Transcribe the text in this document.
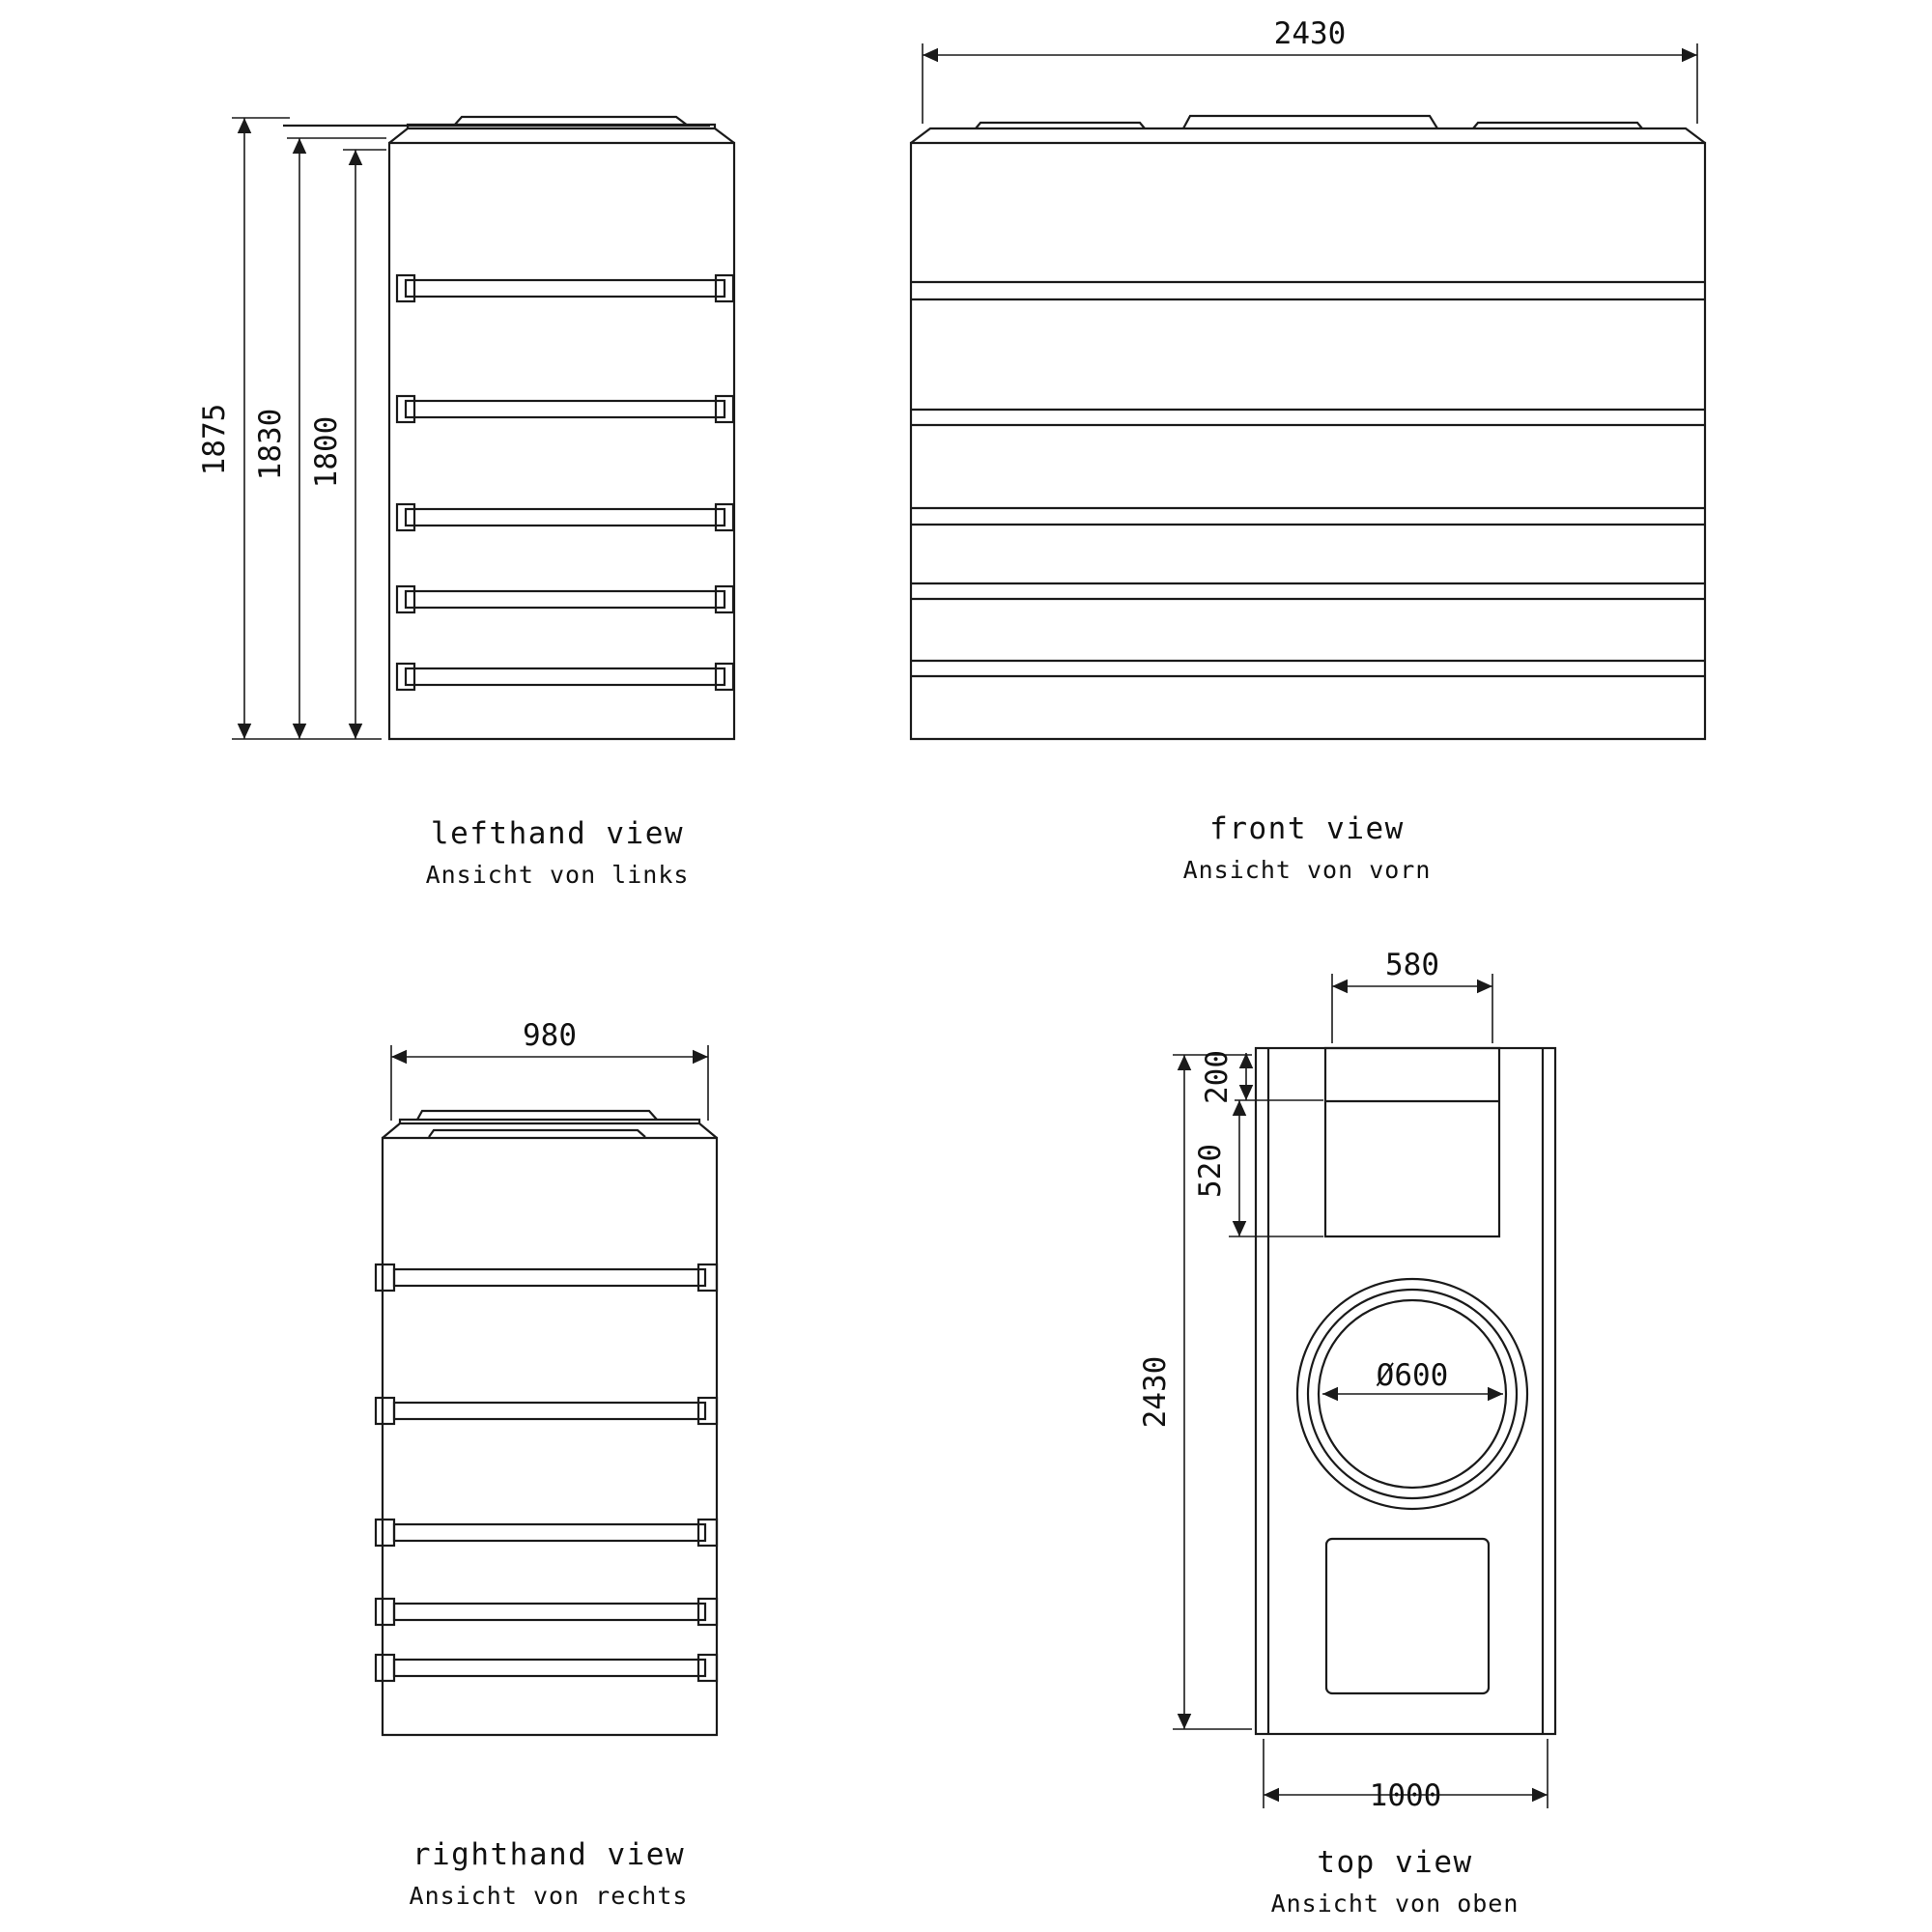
1875 1830 1800
2430
980
580
200
520
2430
1000
Ø600
lefthand view
Ansicht von links
front view
Ansicht von vorn
righthand view
Ansicht von rechts
top view
Ansicht von oben
